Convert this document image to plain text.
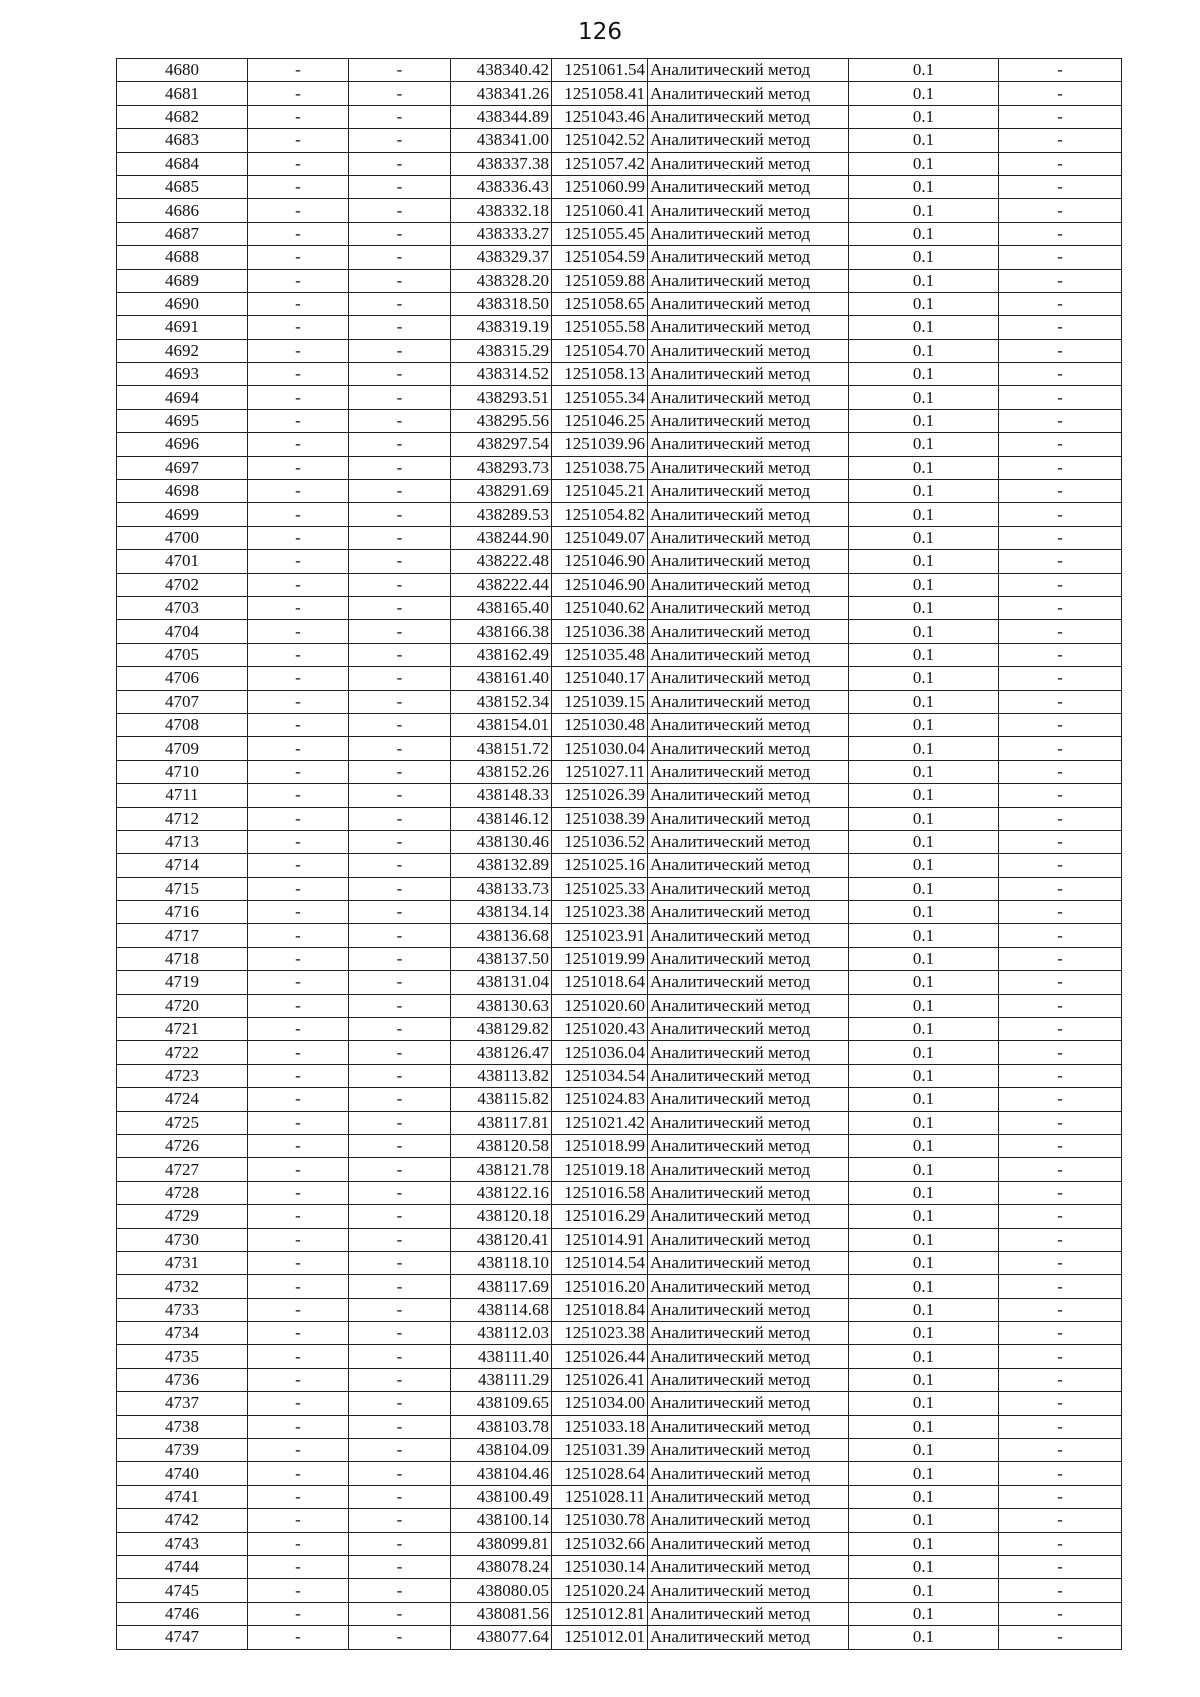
126
4680	-	-	438340.42	1251061.54	Аналитический метод	0.1	-
4681	-	-	438341.26	1251058.41	Аналитический метод	0.1	-
4682	-	-	438344.89	1251043.46	Аналитический метод	0.1	-
4683	-	-	438341.00	1251042.52	Аналитический метод	0.1	-
4684	-	-	438337.38	1251057.42	Аналитический метод	0.1	-
4685	-	-	438336.43	1251060.99	Аналитический метод	0.1	-
4686	-	-	438332.18	1251060.41	Аналитический метод	0.1	-
4687	-	-	438333.27	1251055.45	Аналитический метод	0.1	-
4688	-	-	438329.37	1251054.59	Аналитический метод	0.1	-
4689	-	-	438328.20	1251059.88	Аналитический метод	0.1	-
4690	-	-	438318.50	1251058.65	Аналитический метод	0.1	-
4691	-	-	438319.19	1251055.58	Аналитический метод	0.1	-
4692	-	-	438315.29	1251054.70	Аналитический метод	0.1	-
4693	-	-	438314.52	1251058.13	Аналитический метод	0.1	-
4694	-	-	438293.51	1251055.34	Аналитический метод	0.1	-
4695	-	-	438295.56	1251046.25	Аналитический метод	0.1	-
4696	-	-	438297.54	1251039.96	Аналитический метод	0.1	-
4697	-	-	438293.73	1251038.75	Аналитический метод	0.1	-
4698	-	-	438291.69	1251045.21	Аналитический метод	0.1	-
4699	-	-	438289.53	1251054.82	Аналитический метод	0.1	-
4700	-	-	438244.90	1251049.07	Аналитический метод	0.1	-
4701	-	-	438222.48	1251046.90	Аналитический метод	0.1	-
4702	-	-	438222.44	1251046.90	Аналитический метод	0.1	-
4703	-	-	438165.40	1251040.62	Аналитический метод	0.1	-
4704	-	-	438166.38	1251036.38	Аналитический метод	0.1	-
4705	-	-	438162.49	1251035.48	Аналитический метод	0.1	-
4706	-	-	438161.40	1251040.17	Аналитический метод	0.1	-
4707	-	-	438152.34	1251039.15	Аналитический метод	0.1	-
4708	-	-	438154.01	1251030.48	Аналитический метод	0.1	-
4709	-	-	438151.72	1251030.04	Аналитический метод	0.1	-
4710	-	-	438152.26	1251027.11	Аналитический метод	0.1	-
4711	-	-	438148.33	1251026.39	Аналитический метод	0.1	-
4712	-	-	438146.12	1251038.39	Аналитический метод	0.1	-
4713	-	-	438130.46	1251036.52	Аналитический метод	0.1	-
4714	-	-	438132.89	1251025.16	Аналитический метод	0.1	-
4715	-	-	438133.73	1251025.33	Аналитический метод	0.1	-
4716	-	-	438134.14	1251023.38	Аналитический метод	0.1	-
4717	-	-	438136.68	1251023.91	Аналитический метод	0.1	-
4718	-	-	438137.50	1251019.99	Аналитический метод	0.1	-
4719	-	-	438131.04	1251018.64	Аналитический метод	0.1	-
4720	-	-	438130.63	1251020.60	Аналитический метод	0.1	-
4721	-	-	438129.82	1251020.43	Аналитический метод	0.1	-
4722	-	-	438126.47	1251036.04	Аналитический метод	0.1	-
4723	-	-	438113.82	1251034.54	Аналитический метод	0.1	-
4724	-	-	438115.82	1251024.83	Аналитический метод	0.1	-
4725	-	-	438117.81	1251021.42	Аналитический метод	0.1	-
4726	-	-	438120.58	1251018.99	Аналитический метод	0.1	-
4727	-	-	438121.78	1251019.18	Аналитический метод	0.1	-
4728	-	-	438122.16	1251016.58	Аналитический метод	0.1	-
4729	-	-	438120.18	1251016.29	Аналитический метод	0.1	-
4730	-	-	438120.41	1251014.91	Аналитический метод	0.1	-
4731	-	-	438118.10	1251014.54	Аналитический метод	0.1	-
4732	-	-	438117.69	1251016.20	Аналитический метод	0.1	-
4733	-	-	438114.68	1251018.84	Аналитический метод	0.1	-
4734	-	-	438112.03	1251023.38	Аналитический метод	0.1	-
4735	-	-	438111.40	1251026.44	Аналитический метод	0.1	-
4736	-	-	438111.29	1251026.41	Аналитический метод	0.1	-
4737	-	-	438109.65	1251034.00	Аналитический метод	0.1	-
4738	-	-	438103.78	1251033.18	Аналитический метод	0.1	-
4739	-	-	438104.09	1251031.39	Аналитический метод	0.1	-
4740	-	-	438104.46	1251028.64	Аналитический метод	0.1	-
4741	-	-	438100.49	1251028.11	Аналитический метод	0.1	-
4742	-	-	438100.14	1251030.78	Аналитический метод	0.1	-
4743	-	-	438099.81	1251032.66	Аналитический метод	0.1	-
4744	-	-	438078.24	1251030.14	Аналитический метод	0.1	-
4745	-	-	438080.05	1251020.24	Аналитический метод	0.1	-
4746	-	-	438081.56	1251012.81	Аналитический метод	0.1	-
4747	-	-	438077.64	1251012.01	Аналитический метод	0.1	-
